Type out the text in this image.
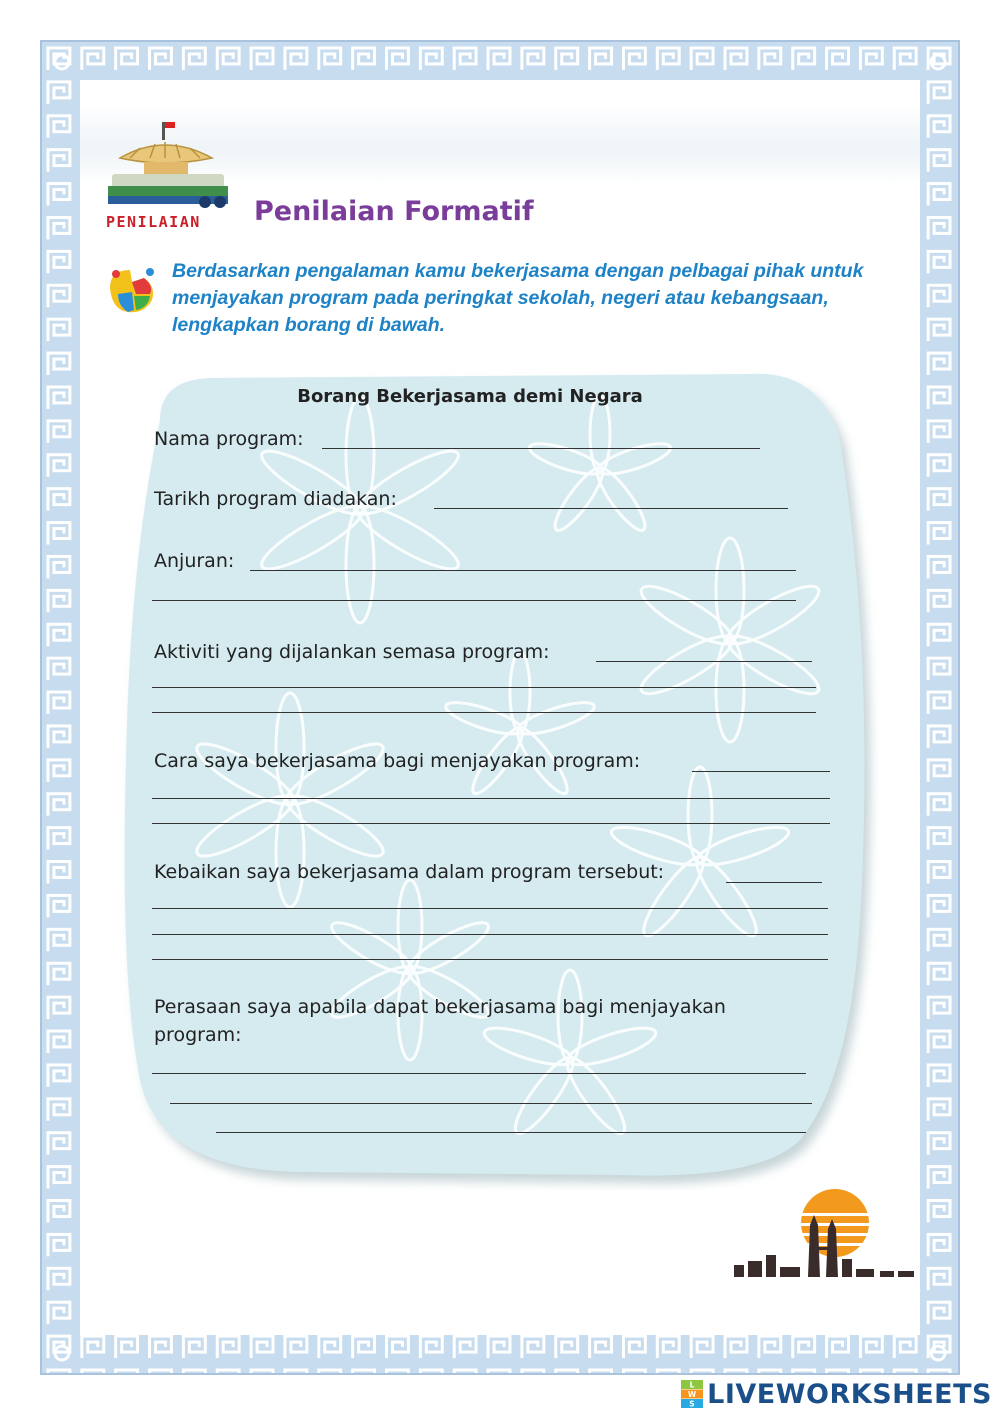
PENILAIAN Penilaian Formatif
Berdasarkan pengalaman kamu bekerjasama dengan pelbagai pihak untuk menjayakan program pada peringkat sekolah, negeri atau kebangsaan, lengkapkan borang di bawah.
Borang Bekerjasama demi Negara
Nama program:
Tarikh program diadakan:
Anjuran:
Aktiviti yang dijalankan semasa program:
Cara saya bekerjasama bagi menjayakan program:
Kebaikan saya bekerjasama dalam program tersebut:
Perasaan saya apabila dapat bekerjasama bagi menjayakan
program:
L
W
S LIVEWORKSHEETS
